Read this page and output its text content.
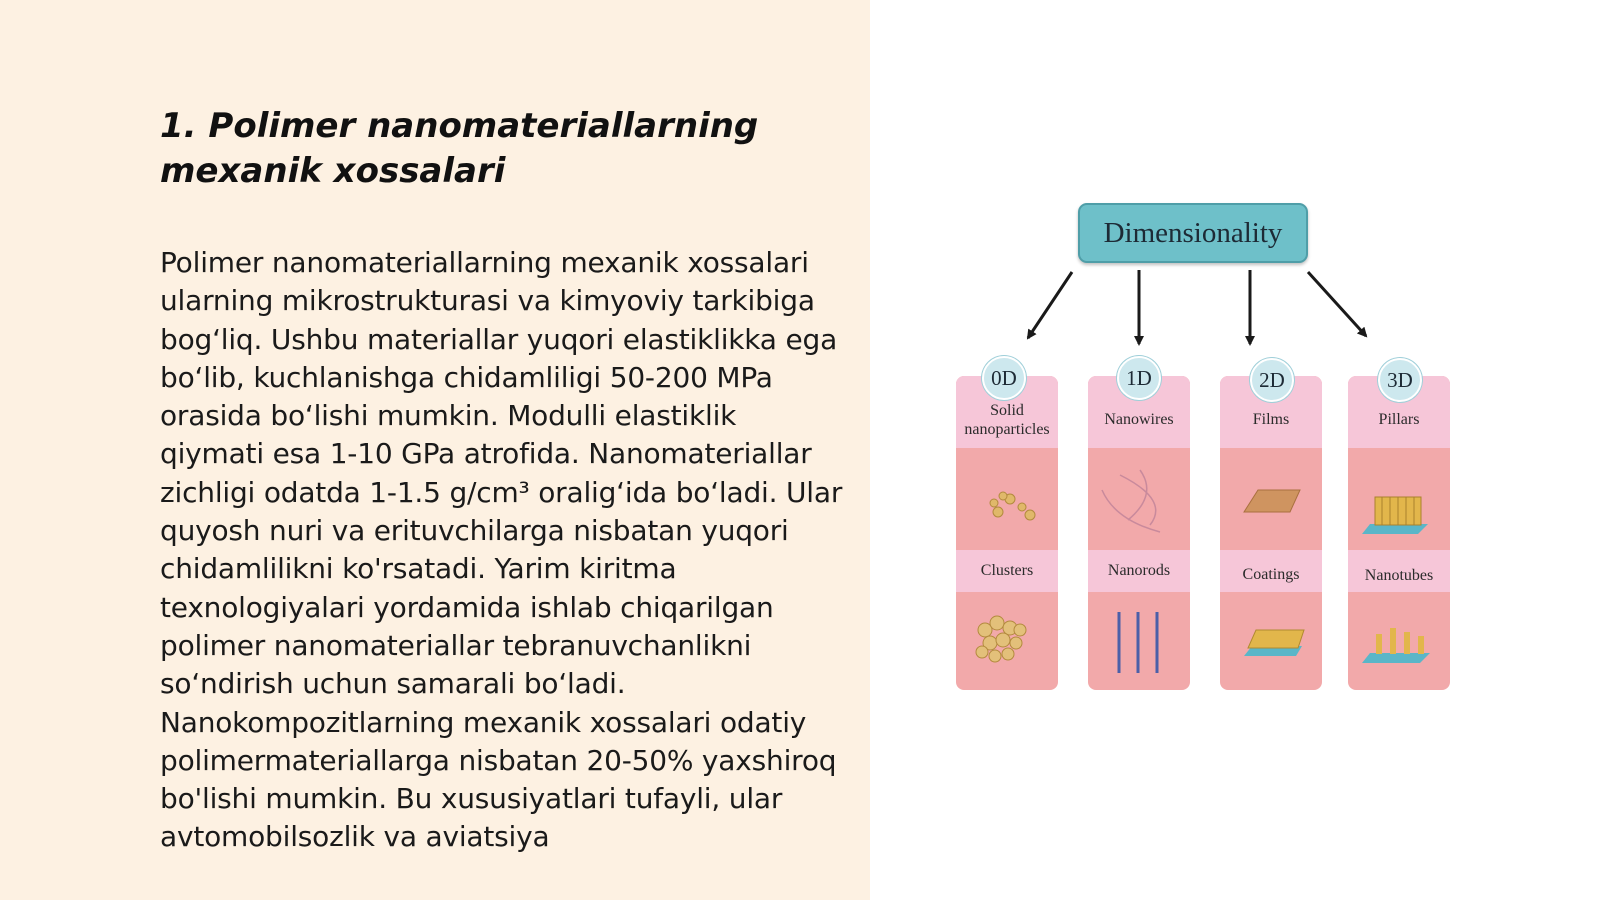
1. Polimer nanomateriallarning mexanik xossalari

Polimer nanomateriallarning mexanik xossalari ularning mikrostrukturasi va kimyoviy tarkibiga bog‘liq. Ushbu materiallar yuqori elastiklikka ega bo‘lib, kuchlanishga chidamliligi 50-200 MPa orasida bo‘lishi mumkin. Modulli elastiklik qiymati esa 1-10 GPa atrofida. Nanomateriallar zichligi odatda 1-1.5 g/cm³ oralig‘ida bo‘ladi. Ular quyosh nuri va erituvchilarga nisbatan yuqori chidamlilikni ko'rsatadi. Yarim kiritma texnologiyalari yordamida ishlab chiqarilgan polimer nanomateriallar tebranuvchanlikni so‘ndirish uchun samarali bo‘ladi. Nanokompozitlarning mexanik xossalari odatiy polimermateriallarga nisbatan 20-50% yaxshiroq bo'lishi mumkin. Bu xususiyatlari tufayli, ular avtomobilsozlik va aviatsiya

Dimensionality
Solid nanoparticles
Clusters
0D
Nanowires
Nanorods
1D
Films
Coatings
2D
Pillars
Nanotubes
3D
